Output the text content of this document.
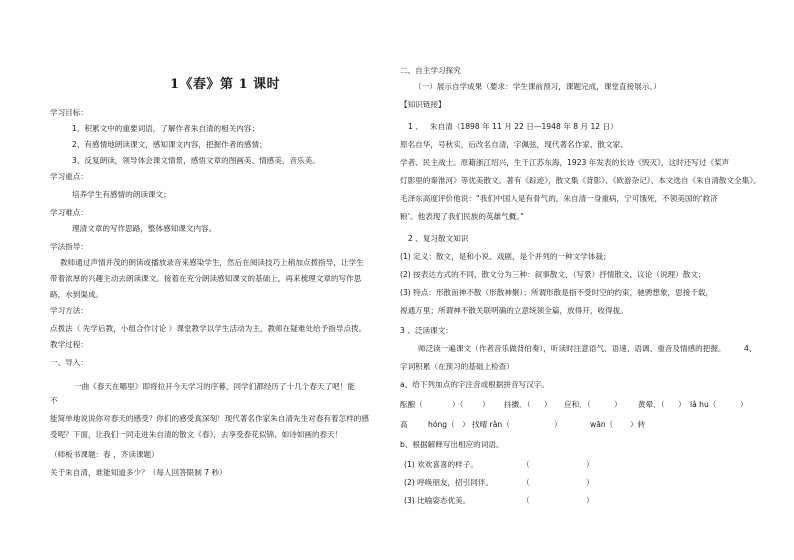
1《春》第 1 课时
学习目标：
1、积累文中的重要词语，了解作者朱自清的相关内容；
2、有感情地朗读课文，感知课文内容，把握作者的感情；
3、反复朗读，领导体会课文情景，感悟文章的图画美、情感美、音乐美。
学习重点：
培养学生有感情的朗读课文；
学习难点：
理清文章的写作思路，整体感知课文内容。
学法指导：
教师通过声情并茂的朗读或播放录音来感染学生，然后在阅读技巧上稍加点拨指导，让学生
带着浓厚的兴趣主动去朗读课文。接着在充分朗读感知课文的基础上，再来梳理文章的写作思
路，水到渠成。
学习方法：
点拨法（ 先学后教，小组合作讨论 ）课堂教学以学生活动为主，教师在疑难处给予指导点拨。
教学过程：
一、导入：
一曲《春天在哪里》即将拉开今天学习的序幕，同学们都经历了十几个春天了吧！能
不
能简单地说说你对春天的感受？你们的感受真深刻！现代著名作家朱自清先生对春有着怎样的感
受呢？下面，让我们一同走进朱自清的散文《春》，去享受春花似锦、如诗如画的春天！
（师板书课题：春 ，齐读课题）
关于朱自清，谁能知道多少？（每人回答限制 7 秒）
二、自主学习探究
（一）展示自学成果（要求：学生课前预习，课题完成，课堂直接展示。）
【知识链接】
1 、 朱自清（1898 年 11 月 22 日—1948 年 8 月 12 日）
原名自华，号秋实，后改名自清，字佩弦，现代著名作家、散文家、
学者、民主战士。原籍浙江绍兴，生于江苏东海，1923 年发表的长诗《毁灭》，这时还写过《桨声
灯影里的秦淮河》等优美散文。著有《踪迹》，散文集《背影》、《欧游杂记》、本文选自《朱自清散文全集》。
毛泽东高度评价他说：“我们中国人是有骨气的，朱自清一身重病，宁可饿死，不领美国的‘救济
粮’。他表现了我们民族的英雄气概。”
2 、复习散文知识
(1) 定义：散文，是和小说、戏剧、是个并列的一种文学体裁；
(2) 按表达方式的不同，散文分为三种：叙事散文，（写景）抒情散文，议论（说理）散文；
(3) 特点：形散而神不散（形散神聚）；所谓形散是指不受时空的约束，驰骋想象，思接千载，
视通万里；所谓神不散关联明确的立意统领全篇，放得开，收得拢。
3 、泛读课文：
师泛读一遍课文（作者音乐做背伯奏），听读时注意语气、语速、语调、重音及情感的把握。 4、
字词积累（在预习的基础上检查）
a、给下列加点的字注音或根据拼音写汉字。
酝酿（	）（ ） 抖擞．（ ） 应和．（	） 黄晕．（ ） lǎ hu（	）
高	hóng（ ） 找晴 rǎn（	）	wān（ ）转
b、根据解释写出相应的词语。
(1) 欢欢喜喜的样子。	（	）
(2) 呼唤朋友，招引同伴。	（	）
(3) 比喻姿态优美。	（	）
